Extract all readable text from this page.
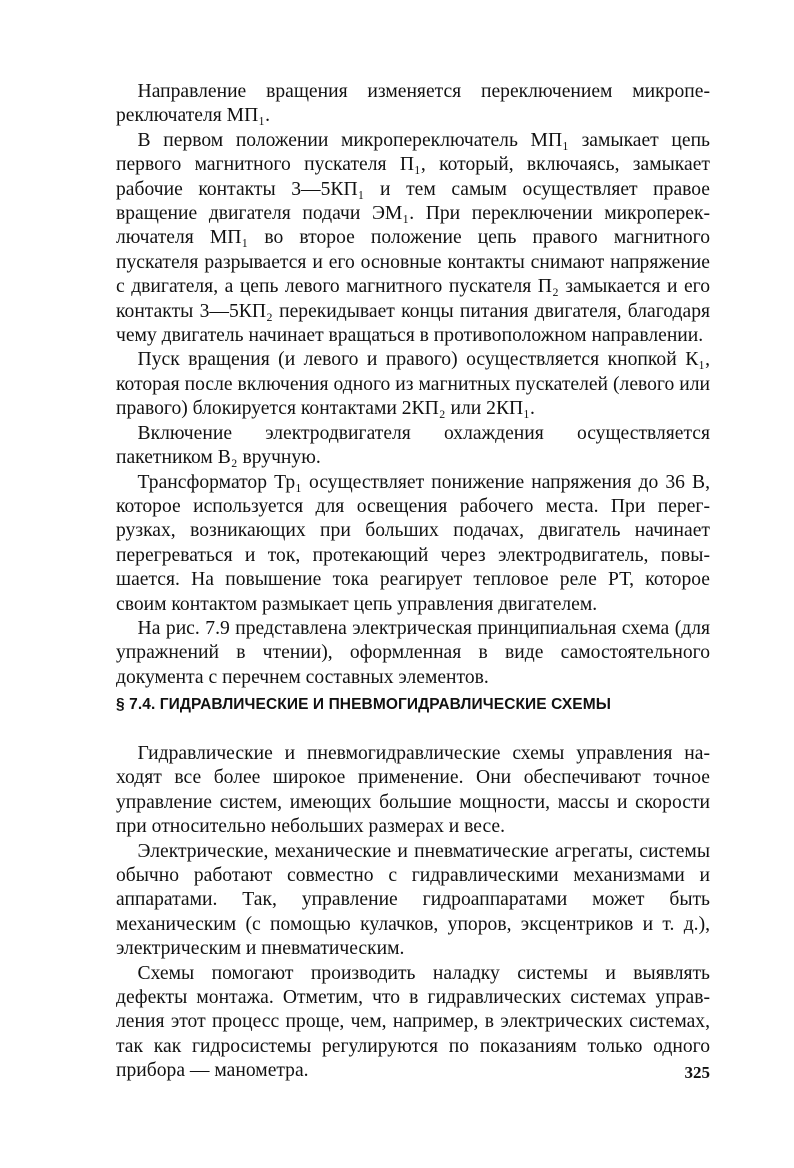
Направление вращения изменяется переключением микропереключателя МП₁.

В первом положении микропереключатель МП₁ замыкает цепь первого магнитного пускателя П₁, который, включаясь, замыкает рабочие контакты 3—5КП₁ и тем самым осуществляет правое вращение двигателя подачи ЭМ₁. При переключении микропереключателя МП₁ во второе положение цепь правого магнитного пускателя разрывается и его основные контакты снимают напряжение с двигателя, а цепь левого магнитного пускателя П₂ замыкается и его контакты 3—5КП₂ перекидывает концы питания двигателя, благодаря чему двигатель начинает вращаться в противоположном направлении.

Пуск вращения (и левого и правого) осуществляется кнопкой К₁, которая после включения одного из магнитных пускателей (левого или правого) блокируется контактами 2КП₂ или 2КП₁.

Включение электродвигателя охлаждения осуществляется пакетником В₂ вручную.

Трансформатор Тр₁ осуществляет понижение напряжения до 36 В, которое используется для освещения рабочего места. При перегрузках, возникающих при больших подачах, двигатель начинает перегреваться и ток, протекающий через электродвигатель, повышается. На повышение тока реагирует тепловое реле РТ, которое своим контактом размыкает цепь управления двигателем.

На рис. 7.9 представлена электрическая принципиальная схема (для упражнений в чтении), оформленная в виде самостоятельного документа с перечнем составных элементов.

§ 7.4. ГИДРАВЛИЧЕСКИЕ И ПНЕВМОГИДРАВЛИЧЕСКИЕ СХЕМЫ

Гидравлические и пневмогидравлические схемы управления находят все более широкое применение. Они обеспечивают точное управление систем, имеющих большие мощности, массы и скорости при относительно небольших размерах и весе.

Электрические, механические и пневматические агрегаты, системы обычно работают совместно с гидравлическими механизмами и аппаратами. Так, управление гидроаппаратами может быть механическим (с помощью кулачков, упоров, эксцентриков и т. д.), электрическим и пневматическим.

Схемы помогают производить наладку системы и выявлять дефекты монтажа. Отметим, что в гидравлических системах управления этот процесс проще, чем, например, в электрических системах, так как гидросистемы регулируются по показаниям только одного прибора — манометра.	325
